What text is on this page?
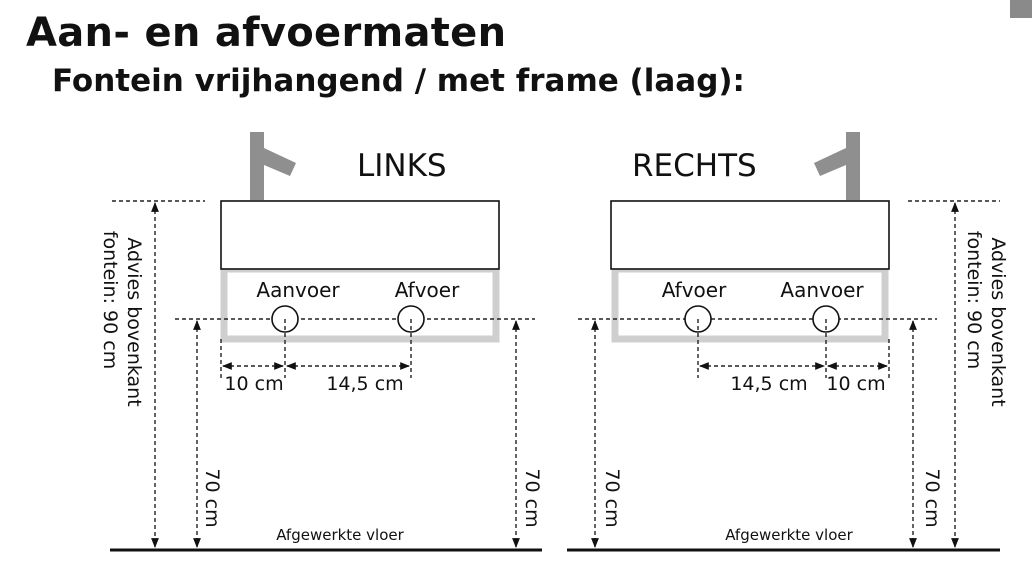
Aan- en afvoermaten
Fontein vrijhangend / met frame (laag):
LINKS
Aanvoer	Afvoer
10 cm 14,5 cm
Advies bovenkant
fontein: 90 cm
70 cm	70 cm
Afgewerkte vloer
RECHTS
Afvoer	Aanvoer
14,5 cm 10 cm	Advies bovenkant
fontein: 90 cm
70 cm
70 cm
Afgewerkte vloer
